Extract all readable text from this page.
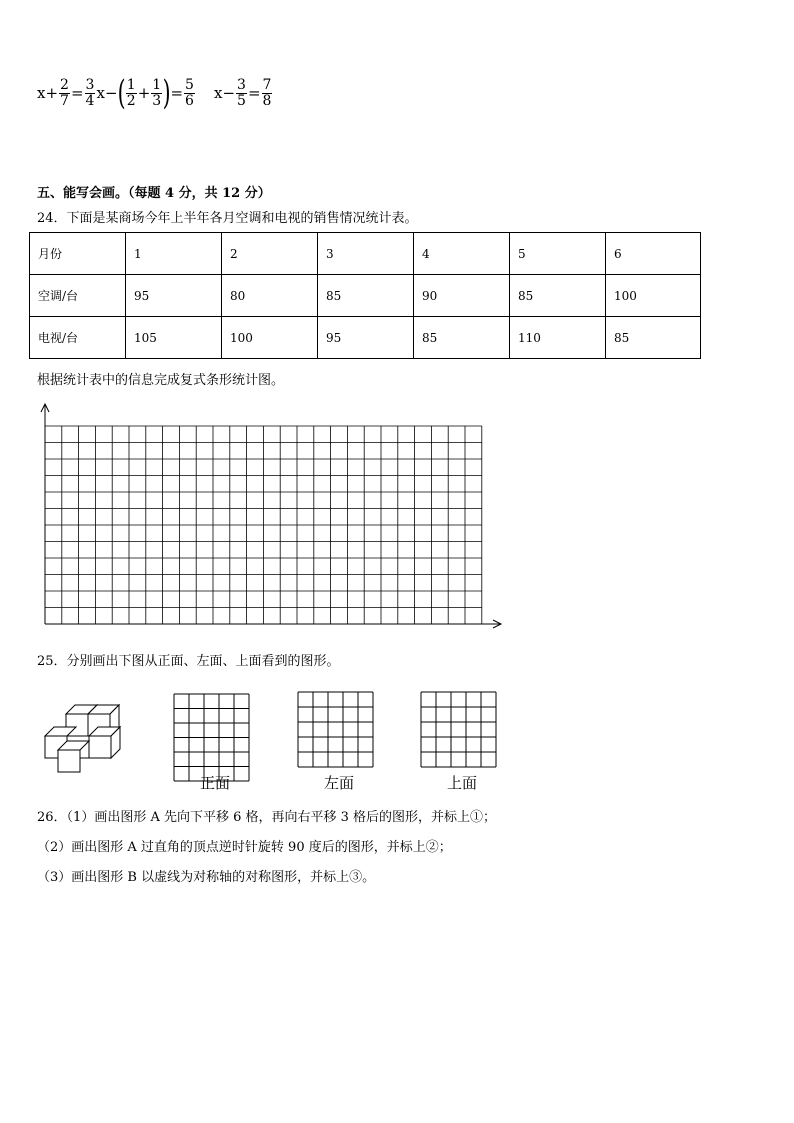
$x + \frac{2}{7} = \frac{3}{4}$ x − ( $\frac{1}{2} + \frac{1}{3}$ ) = $\frac{5}{6}$ $x - \frac{3}{5} = \frac{7}{8}$
五、能写会画。（每题 4 分，共 12 分）
24．下面是某商场今年上半年各月空调和电视的销售情况统计表。
月份	1	2	3	4	5	6
空调/台	95	80	85	90	85	100
电视/台	105	100	95	85	110	85
根据统计表中的信息完成复式条形统计图。
25．分别画出下图从正面、左面、上面看到的图形。
正面	左面	上面
26．（1）画出图形 A 先向下平移 6 格，再向右平移 3 格后的图形，并标上①；
（2）画出图形 A 过直角的顶点逆时针旋转 90 度后的图形，并标上②；
（3）画出图形 B 以虚线为对称轴的对称图形，并标上③。
